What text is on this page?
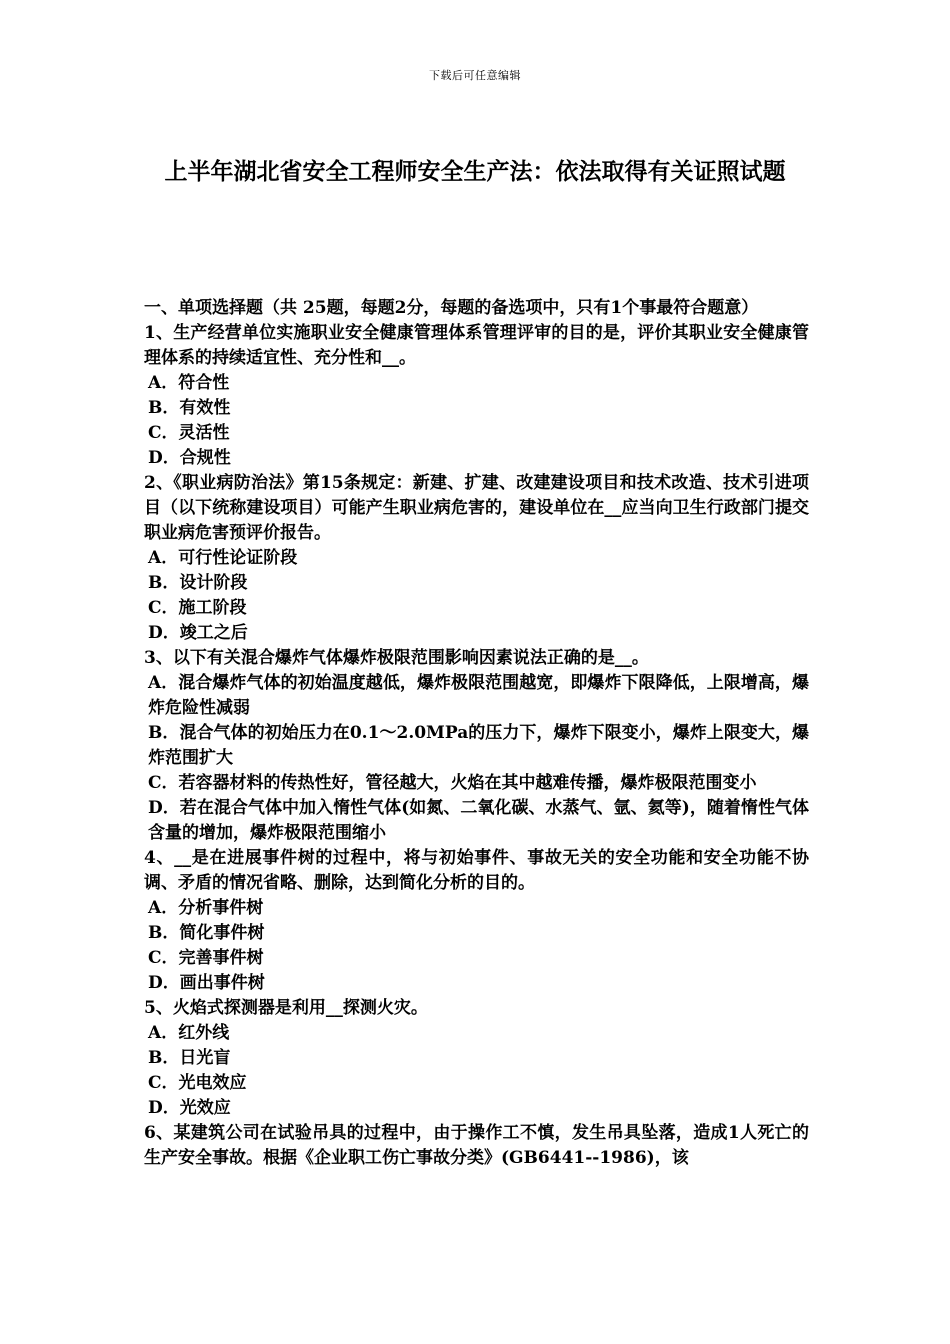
下载后可任意编辑
上半年湖北省安全工程师安全生产法：依法取得有关证照试题

一、单项选择题（共 25题，每题2分，每题的备选项中，只有1个事最符合题意）

1、生产经营单位实施职业安全健康管理体系管理评审的目的是，评价其职业安全健康管理体系的持续适宜性、充分性和__。

A．符合性

B．有效性

C．灵活性

D．合规性

2、《职业病防治法》第15条规定：新建、扩建、改建建设项目和技术改造、技术引进项目（以下统称建设项目）可能产生职业病危害的，建设单位在__应当向卫生行政部门提交职业病危害预评价报告。

A．可行性论证阶段

B．设计阶段

C．施工阶段

D．竣工之后

3、以下有关混合爆炸气体爆炸极限范围影响因素说法正确的是__。

A．混合爆炸气体的初始温度越低，爆炸极限范围越宽，即爆炸下限降低，上限增高，爆炸危险性减弱

B．混合气体的初始压力在0.1～2.0MPa的压力下，爆炸下限变小，爆炸上限变大，爆炸范围扩大

C．若容器材料的传热性好，管径越大，火焰在其中越难传播，爆炸极限范围变小

D．若在混合气体中加入惰性气体(如氮、二氧化碳、水蒸气、氩、氦等)，随着惰性气体含量的增加，爆炸极限范围缩小

4、__是在进展事件树的过程中，将与初始事件、事故无关的安全功能和安全功能不协调、矛盾的情况省略、删除，达到简化分析的目的。

A．分析事件树

B．简化事件树

C．完善事件树

D．画出事件树

5、火焰式探测器是利用__探测火灾。

A．红外线

B．日光盲

C．光电效应

D．光效应

6、某建筑公司在试验吊具的过程中，由于操作工不慎，发生吊具坠落，造成1人死亡的生产安全事故。根据《企业职工伤亡事故分类》(GB6441--1986)，该
